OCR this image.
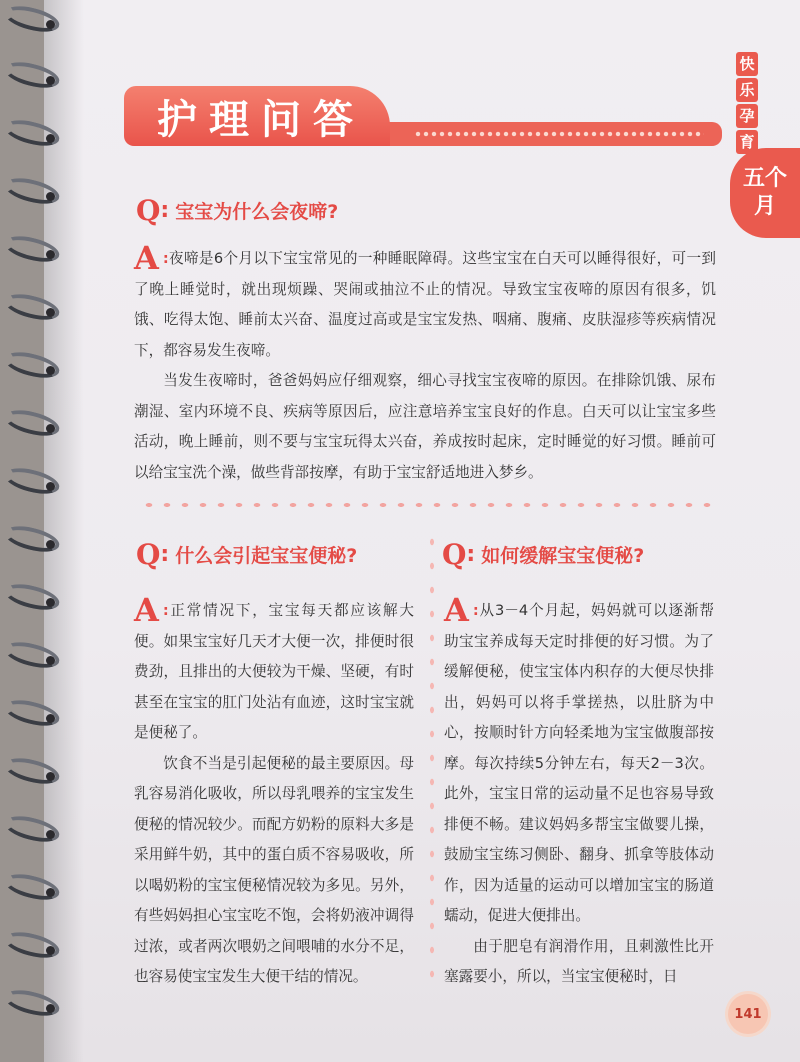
护理问答
快
乐
孕
育
五个
月
Q : 宝宝为什么会夜啼?
A :夜啼是6个月以下宝宝常见的一种睡眠障碍。这些宝宝在白天可以睡得很好，可一到了晚上睡觉时，就出现烦躁、哭闹或抽泣不止的情况。导致宝宝夜啼的原因有很多，饥饿、吃得太饱、睡前太兴奋、温度过高或是宝宝发热、咽痛、腹痛、皮肤湿疹等疾病情况下，都容易发生夜啼。

当发生夜啼时，爸爸妈妈应仔细观察，细心寻找宝宝夜啼的原因。在排除饥饿、尿布潮湿、室内环境不良、疾病等原因后，应注意培养宝宝良好的作息。白天可以让宝宝多些活动，晚上睡前，则不要与宝宝玩得太兴奋，养成按时起床，定时睡觉的好习惯。睡前可以给宝宝洗个澡，做些背部按摩，有助于宝宝舒适地进入梦乡。

Q : 什么会引起宝宝便秘?
A :正常情况下，宝宝每天都应该解大便。如果宝宝好几天才大便一次，排便时很费劲，且排出的大便较为干燥、坚硬，有时甚至在宝宝的肛门处沾有血迹，这时宝宝就是便秘了。

饮食不当是引起便秘的最主要原因。母乳容易消化吸收，所以母乳喂养的宝宝发生便秘的情况较少。而配方奶粉的原料大多是采用鲜牛奶，其中的蛋白质不容易吸收，所以喝奶粉的宝宝便秘情况较为多见。另外，有些妈妈担心宝宝吃不饱，会将奶液冲调得过浓，或者两次喂奶之间喂哺的水分不足，也容易使宝宝发生大便干结的情况。

Q : 如何缓解宝宝便秘?
A :从3－4个月起，妈妈就可以逐渐帮助宝宝养成每天定时排便的好习惯。为了缓解便秘，使宝宝体内积存的大便尽快排出，妈妈可以将手掌搓热，以肚脐为中心，按顺时针方向轻柔地为宝宝做腹部按摩。每次持续5分钟左右，每天2－3次。此外，宝宝日常的运动量不足也容易导致排便不畅。建议妈妈多帮宝宝做婴儿操，鼓励宝宝练习侧卧、翻身、抓拿等肢体动作，因为适量的运动可以增加宝宝的肠道蠕动，促进大便排出。

由于肥皂有润滑作用，且刺激性比开塞露要小，所以，当宝宝便秘时，日

141
